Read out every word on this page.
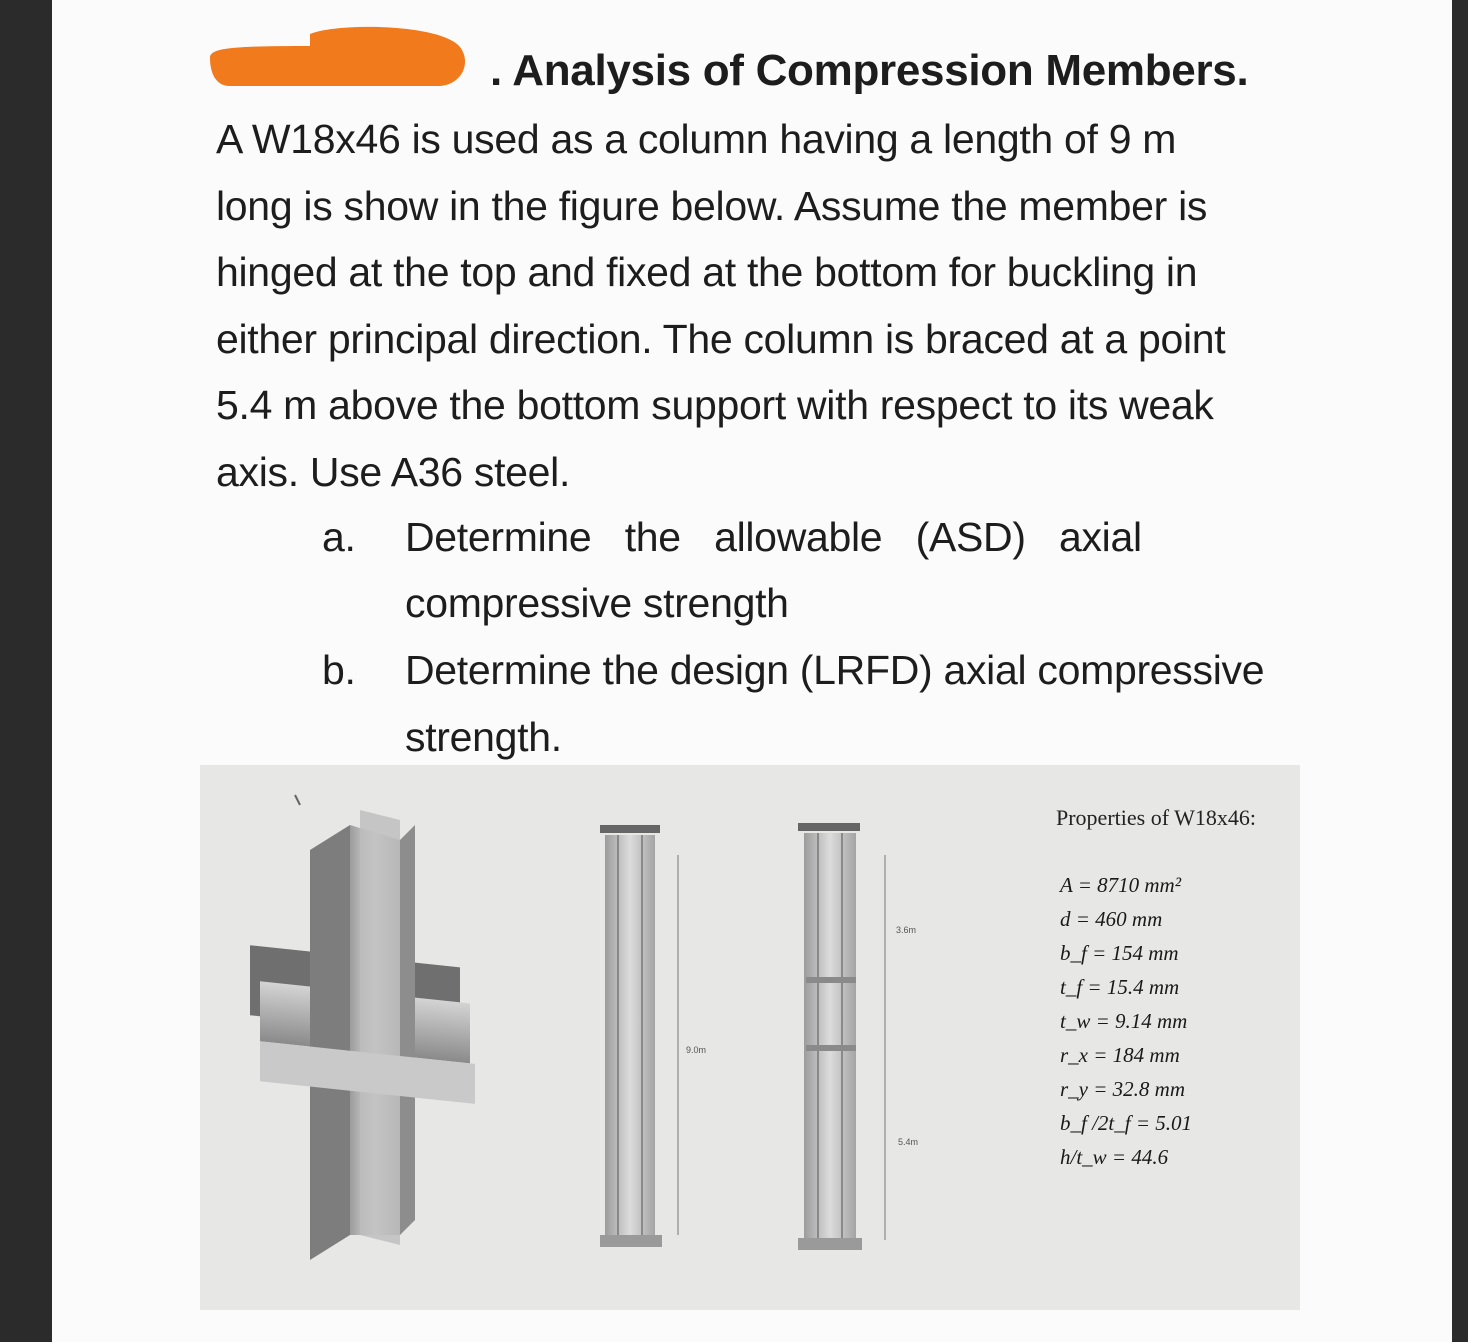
. Analysis of Compression Members.
A W18x46 is used as a column having a length of 9 m
long is show in the figure below. Assume the member is
hinged at the top and fixed at the bottom for buckling in
either principal direction. The column is braced at a point
5.4 m above the bottom support with respect to its weak
axis. Use A36 steel.
a. Determine   the   allowable   (ASD)   axial
compressive strength
b. Determine the design (LRFD) axial compressive
strength.
9.0m
3.6m
5.4m
Properties of W18x46:
A = 8710 mm²
d = 460 mm
b_f = 154 mm
t_f = 15.4 mm
t_w = 9.14 mm
r_x = 184 mm
r_y = 32.8 mm
b_f /2t_f = 5.01
h/t_w = 44.6
